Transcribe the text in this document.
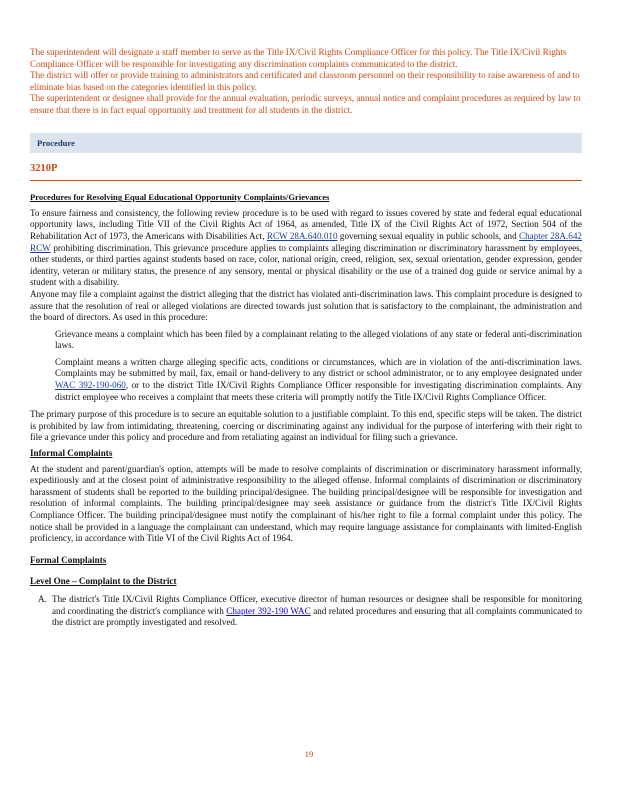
The superintendent will designate a staff member to serve as the Title IX/Civil Rights Compliance Officer for this policy. The Title IX/Civil Rights Compliance Officer will be responsible for investigating any discrimination complaints communicated to the district.

The district will offer or provide training to administrators and certificated and classroom personnel on their responsibility to raise awareness of and to eliminate bias based on the categories identified in this policy.

The superintendent or designee shall provide for the annual evaluation, periodic surveys, annual notice and complaint procedures as required by law to ensure that there is in fact equal opportunity and treatment for all students in the district.

Procedure
3210P
Procedures for Resolving Equal Educational Opportunity Complaints/Grievances

To ensure fairness and consistency, the following review procedure is to be used with regard to issues covered by state and federal equal educational opportunity laws, including Title VII of the Civil Rights Act of 1964, as amended, Title IX of the Civil Rights Act of 1972, Section 504 of the Rehabilitation Act of 1973, the Americans with Disabilities Act, RCW 28A.640.010 governing sexual equality in public schools, and Chapter 28A.642 RCW prohibiting discrimination. This grievance procedure applies to complaints alleging discrimination or discriminatory harassment by employees, other students, or third parties against students based on race, color, national origin, creed, religion, sex, sexual orientation, gender expression, gender identity, veteran or military status, the presence of any sensory, mental or physical disability or the use of a trained dog guide or service animal by a student with a disability.

Anyone may file a complaint against the district alleging that the district has violated anti-discrimination laws. This complaint procedure is designed to assure that the resolution of real or alleged violations are directed towards just solution that is satisfactory to the complainant, the administration and the board of directors. As used in this procedure:

Grievance means a complaint which has been filed by a complainant relating to the alleged violations of any state or federal anti-discrimination laws.
Complaint means a written charge alleging specific acts, conditions or circumstances, which are in violation of the anti-discrimination laws. Complaints may be submitted by mail, fax, email or hand-delivery to any district or school administrator, or to any employee designated under WAC 392-190-060, or to the district Title IX/Civil Rights Compliance Officer responsible for investigating discrimination complaints. Any district employee who receives a complaint that meets these criteria will promptly notify the Title IX/Civil Rights Compliance Officer.

The primary purpose of this procedure is to secure an equitable solution to a justifiable complaint. To this end, specific steps will be taken. The district is prohibited by law from intimidating, threatening, coercing or discriminating against any individual for the purpose of interfering with their right to file a grievance under this policy and procedure and from retaliating against an individual for filing such a grievance.

Informal Complaints

At the student and parent/guardian's option, attempts will be made to resolve complaints of discrimination or discriminatory harassment informally, expeditiously and at the closest point of administrative responsibility to the alleged offense. Informal complaints of discrimination or discriminatory harassment of students shall be reported to the building principal/designee. The building principal/designee will be responsible for investigation and resolution of informal complaints. The building principal/designee may seek assistance or guidance from the district's Title IX/Civil Rights Compliance Officer. The building principal/designee must notify the complainant of his/her right to file a formal complaint under this policy. The notice shall be provided in a language the complainant can understand, which may require language assistance for complainants with limited-English proficiency, in accordance with Title VI of the Civil Rights Act of 1964.

Formal Complaints
Level One – Complaint to the District
A. The district's Title IX/Civil Rights Compliance Officer, executive director of human resources or designee shall be responsible for monitoring and coordinating the district's compliance with Chapter 392-190 WAC and related procedures and ensuring that all complaints communicated to the district are promptly investigated and resolved.
19
